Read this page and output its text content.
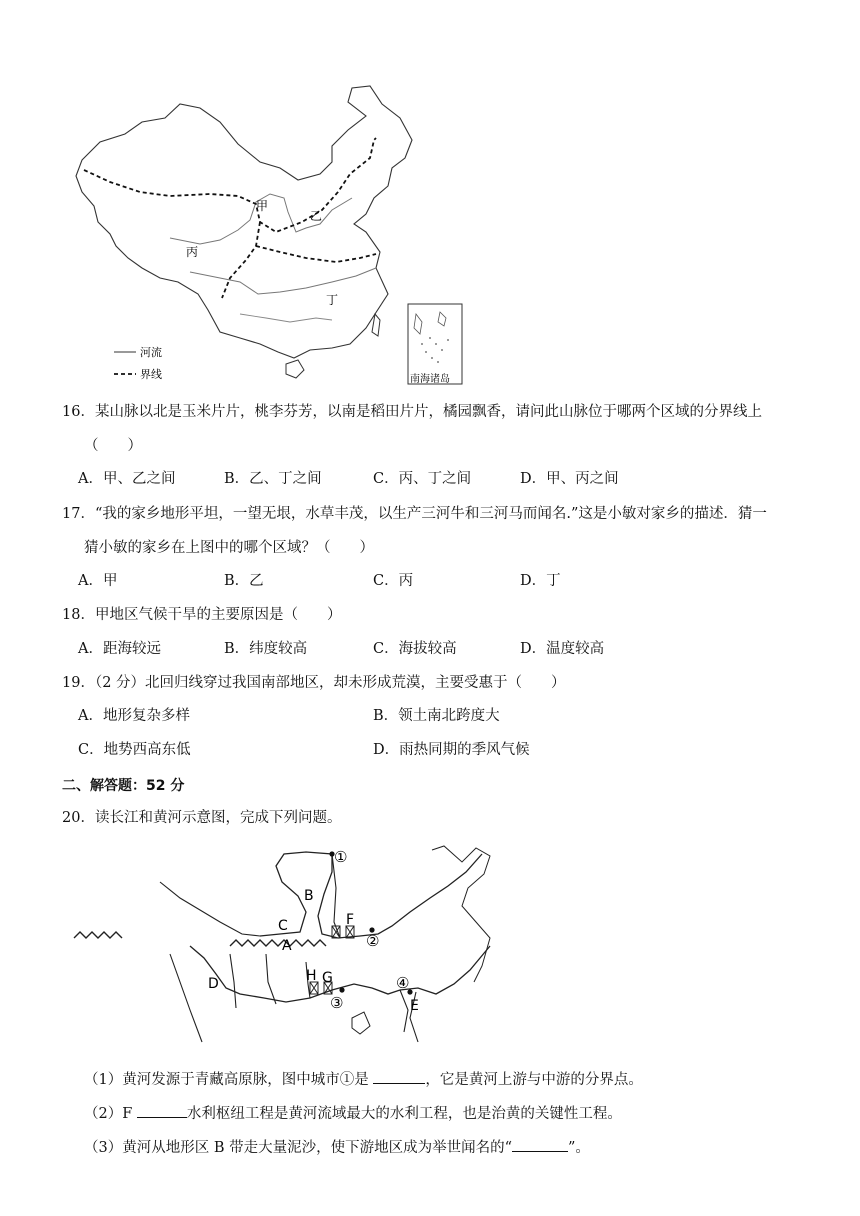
甲
乙
丙
丁
河流
界线	南海诸岛
16．某山脉以北是玉米片片，桃李芬芳，以南是稻田片片，橘园飘香，请问此山脉位于哪两个区域的分界线上
（　　）
A．甲、乙之间	B．乙、丁之间	C．丙、丁之间	D．甲、丙之间
17．“我的家乡地形平坦，一望无垠，水草丰茂，以生产三河牛和三河马而闻名.”这是小敏对家乡的描述．猜一
猜小敏的家乡在上图中的哪个区域？（　　）
A．甲	B．乙	C．丙	D．丁
18．甲地区气候干旱的主要原因是（　　）
A．距海较远	B．纬度较高	C．海拔较高	D．温度较高
19．（2 分）北回归线穿过我国南部地区，却未形成荒漠，主要受惠于（　　）
A．地形复杂多样	B．领土南北跨度大
C．地势西高东低	D．雨热同期的季风气候
二、解答题：52 分
20．读长江和黄河示意图，完成下列问题。
B
C
A
D
F
H G
E
①
②
③
④
（1）黄河发源于青藏高原脉，图中城市①是	，它是黄河上游与中游的分界点。
（2）F	水利枢纽工程是黄河流域最大的水利工程，也是治黄的关键性工程。
（3）黄河从地形区 B 带走大量泥沙，使下游地区成为举世闻名的“	”。
